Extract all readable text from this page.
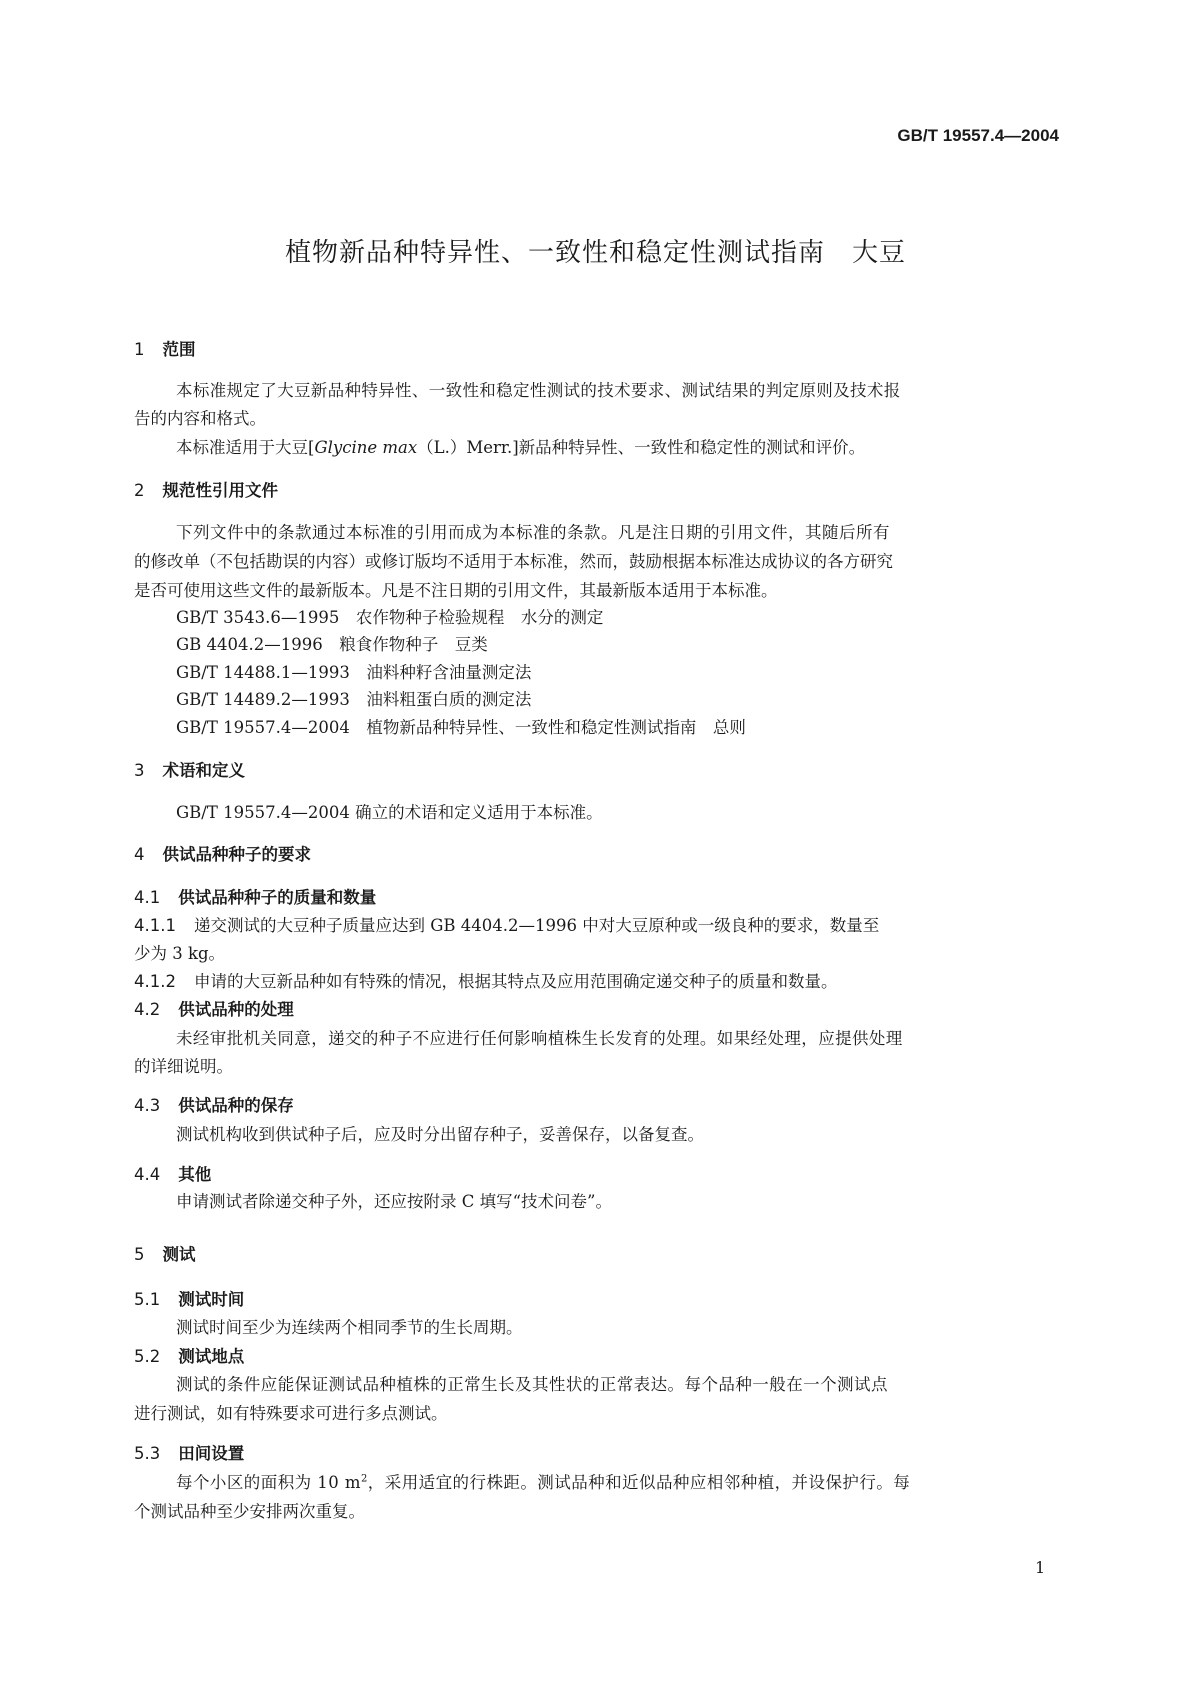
GB/T 19557.4—2004
植物新品种特异性、一致性和稳定性测试指南　大豆
1 范围
本标准规定了大豆新品种特异性、一致性和稳定性测试的技术要求、测试结果的判定原则及技术报
告的内容和格式。
本标准适用于大豆[Glycine max（L.）Merr.]新品种特异性、一致性和稳定性的测试和评价。
2 规范性引用文件
下列文件中的条款通过本标准的引用而成为本标准的条款。凡是注日期的引用文件，其随后所有
的修改单（不包括勘误的内容）或修订版均不适用于本标准，然而，鼓励根据本标准达成协议的各方研究
是否可使用这些文件的最新版本。凡是不注日期的引用文件，其最新版本适用于本标准。
GB/T 3543.6—1995　农作物种子检验规程　水分的测定
GB 4404.2—1996　粮食作物种子　豆类
GB/T 14488.1—1993　油料种籽含油量测定法
GB/T 14489.2—1993　油料粗蛋白质的测定法
GB/T 19557.4—2004　植物新品种特异性、一致性和稳定性测试指南　总则
3 术语和定义
GB/T 19557.4—2004 确立的术语和定义适用于本标准。
4 供试品种种子的要求
4.1 供试品种种子的质量和数量
4.1.1 递交测试的大豆种子质量应达到 GB 4404.2—1996 中对大豆原种或一级良种的要求，数量至
少为 3 kg。
4.1.2 申请的大豆新品种如有特殊的情况，根据其特点及应用范围确定递交种子的质量和数量。
4.2 供试品种的处理
未经审批机关同意，递交的种子不应进行任何影响植株生长发育的处理。如果经处理，应提供处理
的详细说明。
4.3 供试品种的保存
测试机构收到供试种子后，应及时分出留存种子，妥善保存，以备复查。
4.4 其他
申请测试者除递交种子外，还应按附录 C 填写“技术问卷”。
5 测试
5.1 测试时间
测试时间至少为连续两个相同季节的生长周期。
5.2 测试地点
测试的条件应能保证测试品种植株的正常生长及其性状的正常表达。每个品种一般在一个测试点
进行测试，如有特殊要求可进行多点测试。
5.3 田间设置
每个小区的面积为 10 $m^2$，采用适宜的行株距。测试品种和近似品种应相邻种植，并设保护行。每
个测试品种至少安排两次重复。
1
